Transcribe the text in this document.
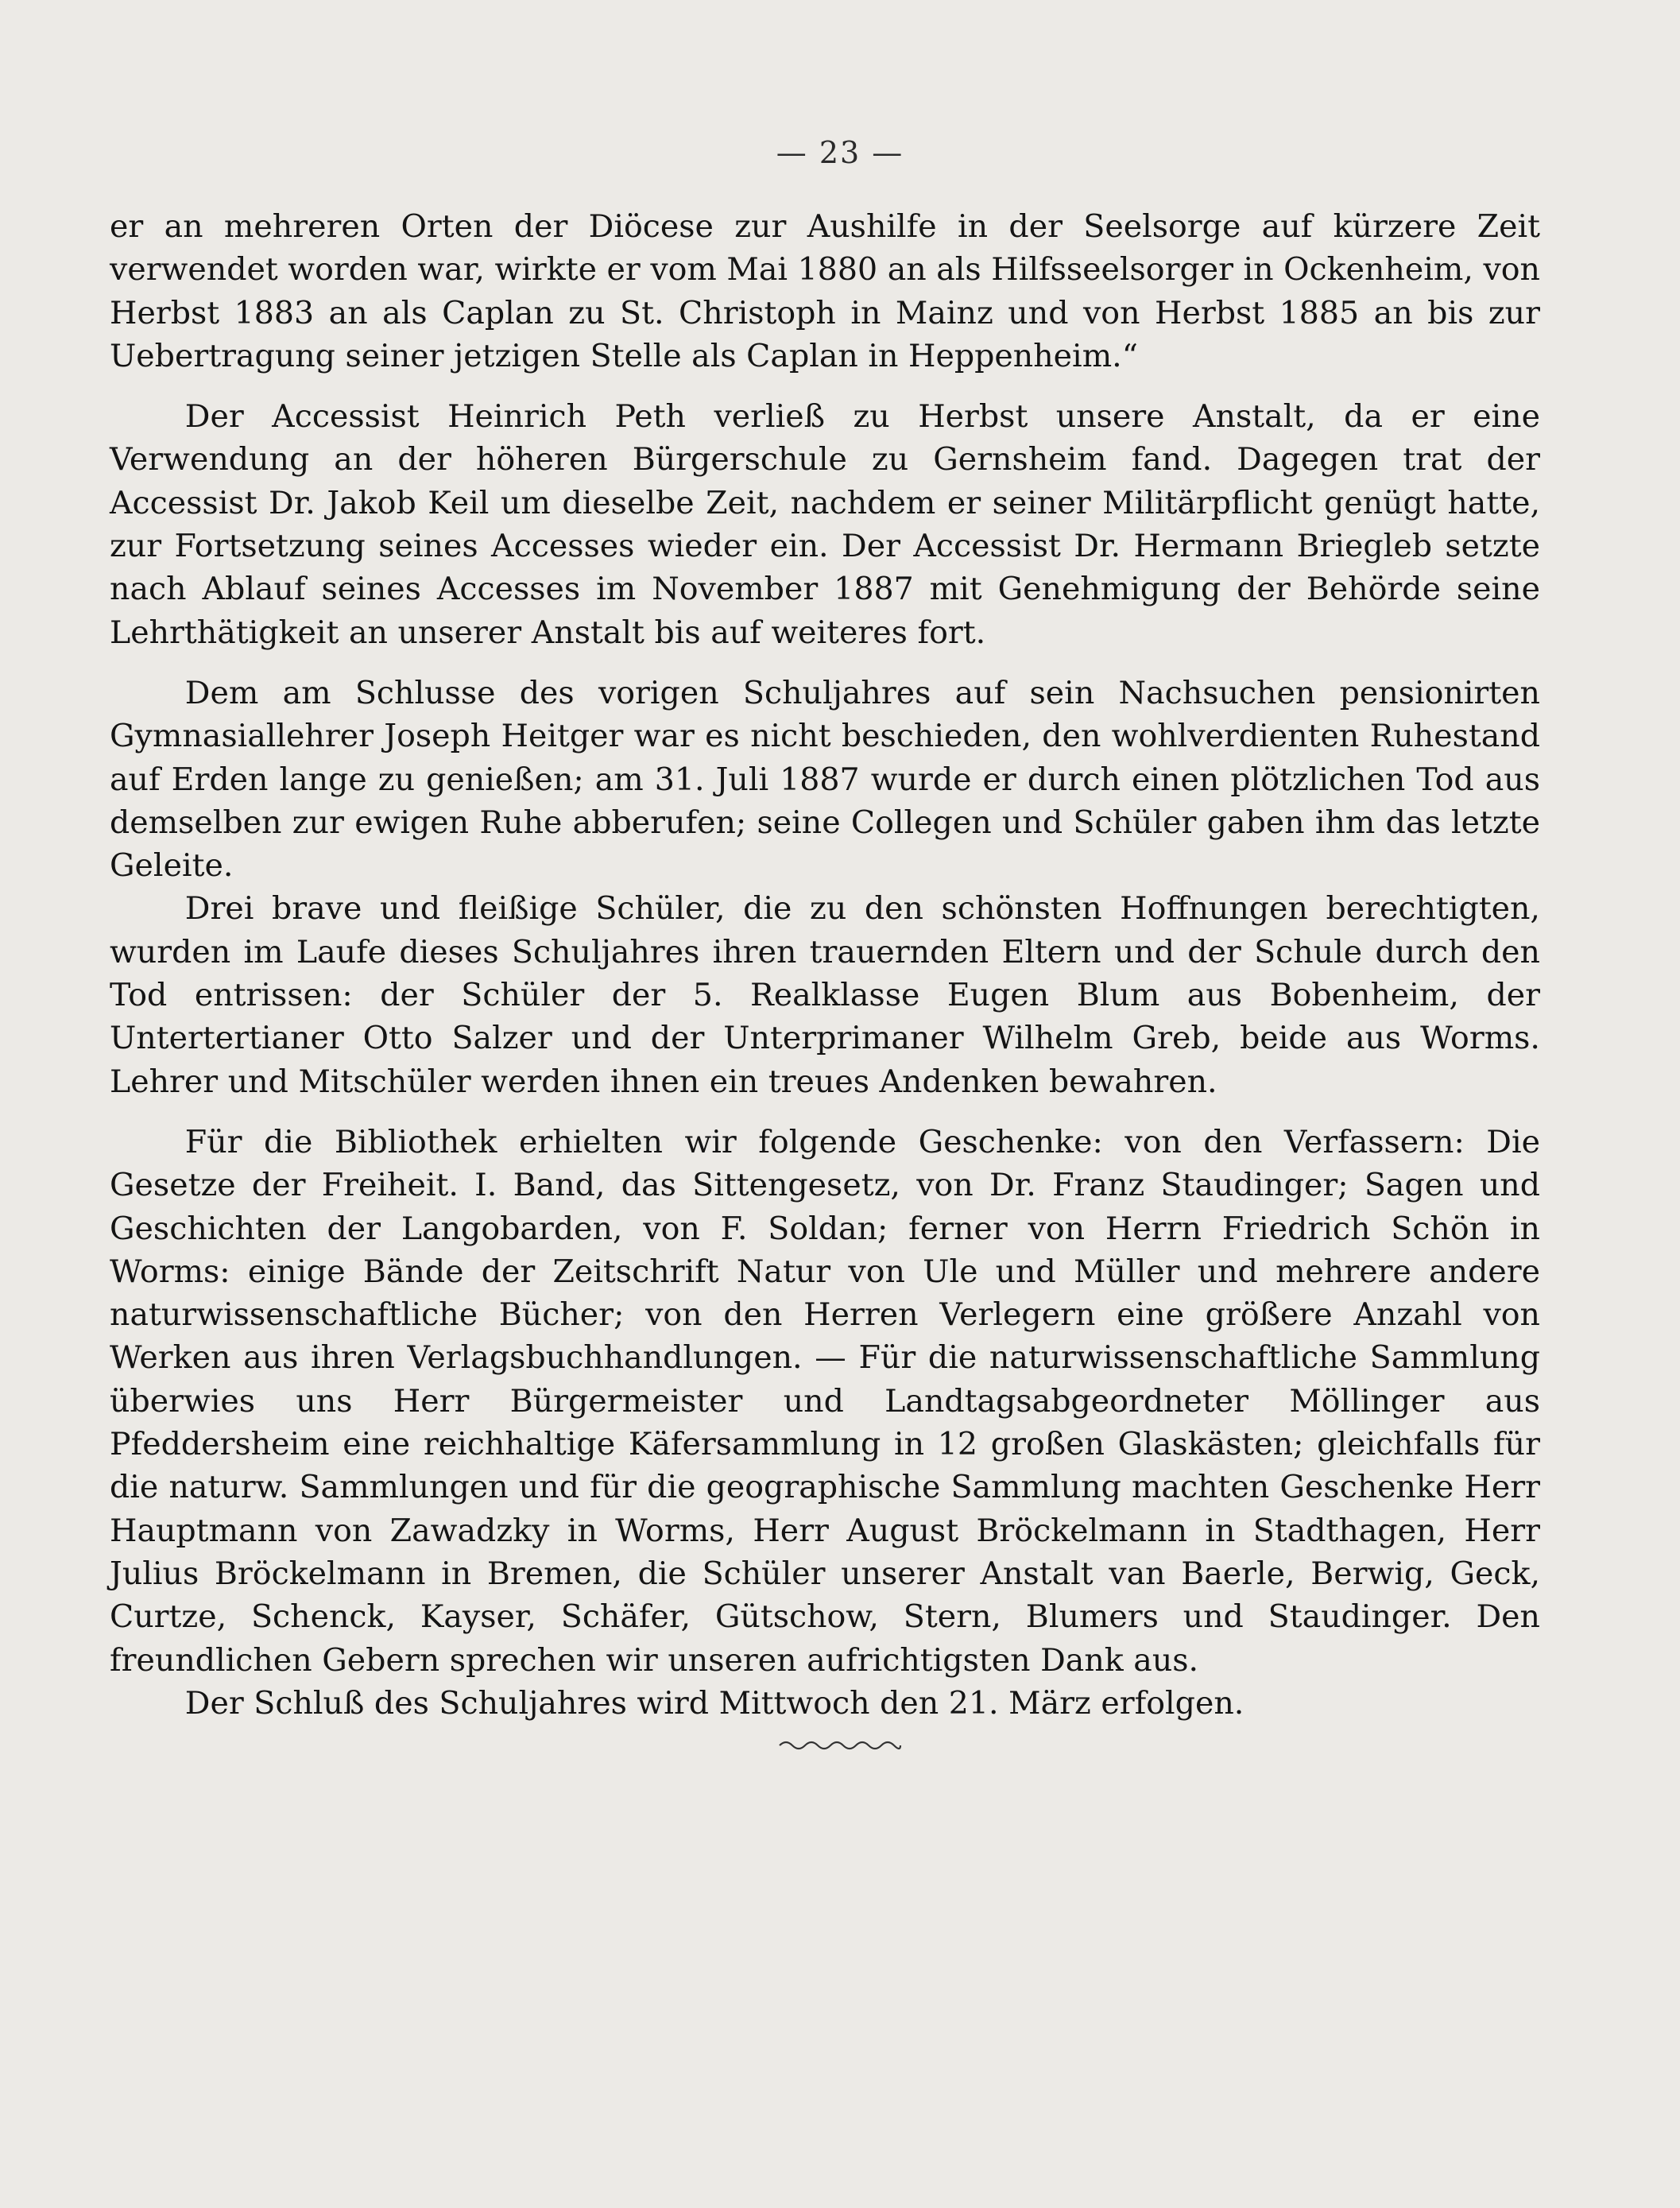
— 23 —

er an mehreren Orten der Diöcese zur Aushilfe in der Seelsorge auf kürzere Zeit verwendet worden war, wirkte er vom Mai 1880 an als Hilfsseelsorger in Ockenheim, von Herbst 1883 an als Caplan zu St. Christoph in Mainz und von Herbst 1885 an bis zur Uebertragung seiner jetzigen Stelle als Caplan in Heppenheim.“

Der Accessist Heinrich Peth verließ zu Herbst unsere Anstalt, da er eine Verwendung an der höheren Bürgerschule zu Gernsheim fand. Dagegen trat der Accessist Dr. Jakob Keil um dieselbe Zeit, nachdem er seiner Militärpflicht genügt hatte, zur Fortsetzung seines Accesses wieder ein. Der Accessist Dr. Hermann Briegleb setzte nach Ablauf seines Accesses im November 1887 mit Genehmigung der Behörde seine Lehrthätigkeit an unserer Anstalt bis auf weiteres fort.

Dem am Schlusse des vorigen Schuljahres auf sein Nachsuchen pensionirten Gymnasiallehrer Joseph Heitger war es nicht beschieden, den wohlverdienten Ruhestand auf Erden lange zu genießen; am 31. Juli 1887 wurde er durch einen plötzlichen Tod aus demselben zur ewigen Ruhe abberufen; seine Collegen und Schüler gaben ihm das letzte Geleite.

Drei brave und fleißige Schüler, die zu den schönsten Hoffnungen berechtigten, wurden im Laufe dieses Schuljahres ihren trauernden Eltern und der Schule durch den Tod entrissen: der Schüler der 5. Realklasse Eugen Blum aus Bobenheim, der Untertertianer Otto Salzer und der Unterprimaner Wilhelm Greb, beide aus Worms. Lehrer und Mitschüler werden ihnen ein treues Andenken bewahren.

Für die Bibliothek erhielten wir folgende Geschenke: von den Verfassern: Die Gesetze der Freiheit. I. Band, das Sittengesetz, von Dr. Franz Staudinger; Sagen und Geschichten der Langobarden, von F. Soldan; ferner von Herrn Friedrich Schön in Worms: einige Bände der Zeitschrift Natur von Ule und Müller und mehrere andere naturwissenschaftliche Bücher; von den Herren Verlegern eine größere Anzahl von Werken aus ihren Verlagsbuchhandlungen. — Für die naturwissenschaftliche Sammlung überwies uns Herr Bürgermeister und Landtagsabgeordneter Möllinger aus Pfeddersheim eine reichhaltige Käfersammlung in 12 großen Glaskästen; gleichfalls für die naturw. Sammlungen und für die geographische Sammlung machten Geschenke Herr Hauptmann von Zawadzky in Worms, Herr August Bröckelmann in Stadthagen, Herr Julius Bröckelmann in Bremen, die Schüler unserer Anstalt van Baerle, Berwig, Geck, Curtze, Schenck, Kayser, Schäfer, Gütschow, Stern, Blumers und Staudinger. Den freundlichen Gebern sprechen wir unseren aufrichtigsten Dank aus.

Der Schluß des Schuljahres wird Mittwoch den 21. März erfolgen.
